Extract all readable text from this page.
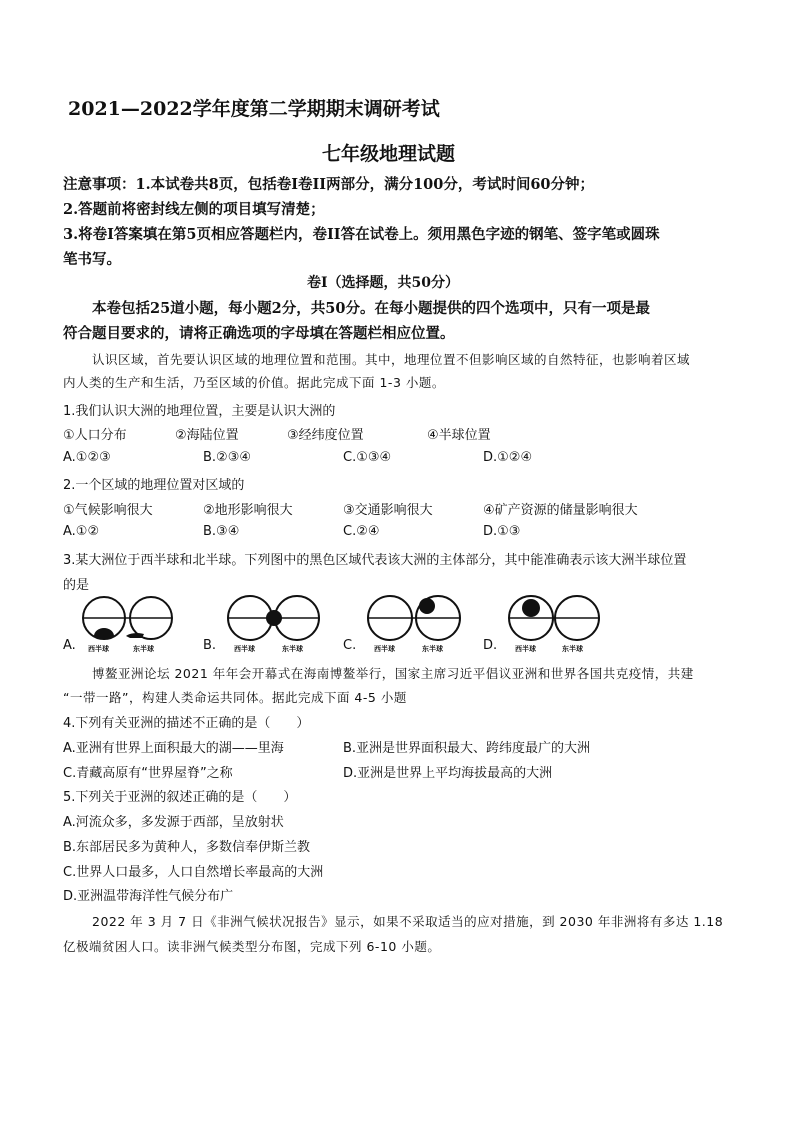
2021—2022学年度第二学期期末调研考试
七年级地理试题
注意事项：1.本试卷共8页，包括卷I卷II两部分，满分100分，考试时间60分钟；
2.答题前将密封线左侧的项目填写清楚；
3.将卷I答案填在第5页相应答题栏内，卷II答在试卷上。须用黑色字迹的钢笔、签字笔或圆珠
笔书写。
卷I（选择题，共50分）
本卷包括25道小题，每小题2分，共50分。在每小题提供的四个选项中，只有一项是最
符合题目要求的，请将正确选项的字母填在答题栏相应位置。
认识区域，首先要认识区域的地理位置和范围。其中，地理位置不但影响区域的自然特征，也影响着区域
内人类的生产和生活，乃至区域的价值。据此完成下面 1-3 小题。
1.我们认识大洲的地理位置，主要是认识大洲的
①人口分布	②海陆位置	③经纬度位置	④半球位置
A.①②③	B.②③④	C.①③④	D.①②④
2.一个区域的地理位置对区域的
①气候影响很大	②地形影响很大	③交通影响很大	④矿产资源的储量影响很大
A.①②	B.③④	C.②④	D.①③
3.某大洲位于西半球和北半球。下列图中的黑色区域代表该大洲的主体部分，其中能准确表示该大洲半球位置
的是
A. 西半球	东半球	B.	西半球	东半球	C.	西半球	东半球	D.	西半球	东半球
博鳌亚洲论坛 2021 年年会开幕式在海南博鳌举行，国家主席习近平倡议亚洲和世界各国共克疫情，共建
“一带一路”，构建人类命运共同体。据此完成下面 4-5 小题
4.下列有关亚洲的描述不正确的是（　　）
A.亚洲有世界上面积最大的湖——里海	B.亚洲是世界面积最大、跨纬度最广的大洲
C.青藏高原有“世界屋脊”之称	D.亚洲是世界上平均海拔最高的大洲
5.下列关于亚洲的叙述正确的是（　　）
A.河流众多，多发源于西部，呈放射状
B.东部居民多为黄种人，多数信奉伊斯兰教
C.世界人口最多，人口自然增长率最高的大洲
D.亚洲温带海洋性气候分布广
2022 年 3 月 7 日《非洲气候状况报告》显示，如果不采取适当的应对措施，到 2030 年非洲将有多达 1.18
亿极端贫困人口。读非洲气候类型分布图，完成下列 6-10 小题。
